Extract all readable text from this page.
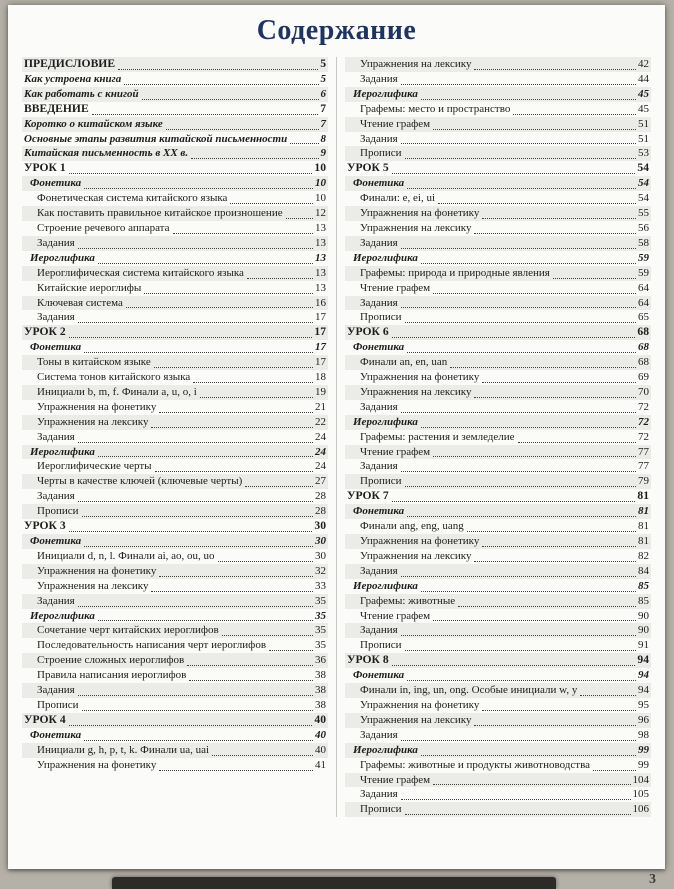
Содержание
ПРЕДИСЛОВИЕ	5
Как устроена книга	5
Как работать с книгой	6
ВВЕДЕНИЕ	7
Коротко о китайском языке	7
Основные этапы развития китайской письменности	8
Китайская письменность в XX в.	9
УРОК 1	10
Фонетика	10
Фонетическая система китайского языка	10
Как поставить правильное китайское произношение	12
Строение речевого аппарата	13
Задания	13
Иероглифика	13
Иероглифическая система китайского языка	13
Китайские иероглифы	13
Ключевая система	16
Задания	17
УРОК 2	17
Фонетика	17
Тоны в китайском языке	17
Система тонов китайского языка	18
Инициали b, m, f. Финали a, u, o, i	19
Упражнения на фонетику	21
Упражнения на лексику	22
Задания	24
Иероглифика	24
Иероглифические черты	24
Черты в качестве ключей (ключевые черты)	27
Задания	28
Прописи	28
УРОК 3	30
Фонетика	30
Инициали d, n, l. Финали ai, ao, ou, uo	30
Упражнения на фонетику	32
Упражнения на лексику	33
Задания	35
Иероглифика	35
Сочетание черт китайских иероглифов	35
Последовательность написания черт иероглифов	35
Строение сложных иероглифов	36
Правила написания иероглифов	38
Задания	38
Прописи	38
УРОК 4	40
Фонетика	40
Инициали g, h, p, t, k. Финали ua, uai	40
Упражнения на фонетику	41
Упражнения на лексику	42
Задания	44
Иероглифика	45
Графемы: место и пространство	45
Чтение графем	51
Задания	51
Прописи	53
УРОК 5	54
Фонетика	54
Финали: e, ei, ui	54
Упражнения на фонетику	55
Упражнения на лексику	56
Задания	58
Иероглифика	59
Графемы: природа и природные явления	59
Чтение графем	64
Задания	64
Прописи	65
УРОК 6	68
Фонетика	68
Финали an, en, uan	68
Упражнения на фонетику	69
Упражнения на лексику	70
Задания	72
Иероглифика	72
Графемы: растения и земледелие	72
Чтение графем	77
Задания	77
Прописи	79
УРОК 7	81
Фонетика	81
Финали ang, eng, uang	81
Упражнения на фонетику	81
Упражнения на лексику	82
Задания	84
Иероглифика	85
Графемы: животные	85
Чтение графем	90
Задания	90
Прописи	91
УРОК 8	94
Фонетика	94
Финали in, ing, un, ong. Особые инициали w, y	94
Упражнения на фонетику	95
Упражнения на лексику	96
Задания	98
Иероглифика	99
Графемы: животные и продукты животноводства	99
Чтение графем	104
Задания	105
Прописи	106
3
